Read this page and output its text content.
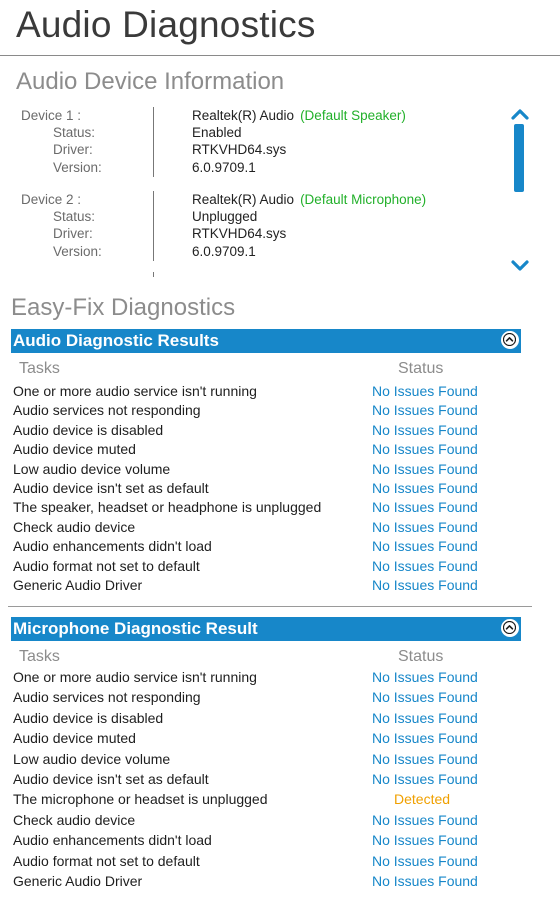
Audio Diagnostics
Audio Device Information
Device 1 :	Realtek(R) Audio (Default Speaker)
Status:	Enabled
Driver:	RTKVHD64.sys
Version:	6.0.9709.1
Device 2 :	Realtek(R) Audio (Default Microphone)
Status:	Unplugged
Driver:	RTKVHD64.sys
Version:	6.0.9709.1
Easy-Fix Diagnostics
Audio Diagnostic Results
Tasks	Status
One or more audio service isn't running	No Issues Found
Audio services not responding	No Issues Found
Audio device is disabled	No Issues Found
Audio device muted	No Issues Found
Low audio device volume	No Issues Found
Audio device isn't set as default	No Issues Found
The speaker, headset or headphone is unplugged	No Issues Found
Check audio device	No Issues Found
Audio enhancements didn't load	No Issues Found
Audio format not set to default	No Issues Found
Generic Audio Driver	No Issues Found
Microphone Diagnostic Result
Tasks	Status
One or more audio service isn't running	No Issues Found
Audio services not responding	No Issues Found
Audio device is disabled	No Issues Found
Audio device muted	No Issues Found
Low audio device volume	No Issues Found
Audio device isn't set as default	No Issues Found
The microphone or headset is unplugged	Detected
Check audio device	No Issues Found
Audio enhancements didn't load	No Issues Found
Audio format not set to default	No Issues Found
Generic Audio Driver	No Issues Found
